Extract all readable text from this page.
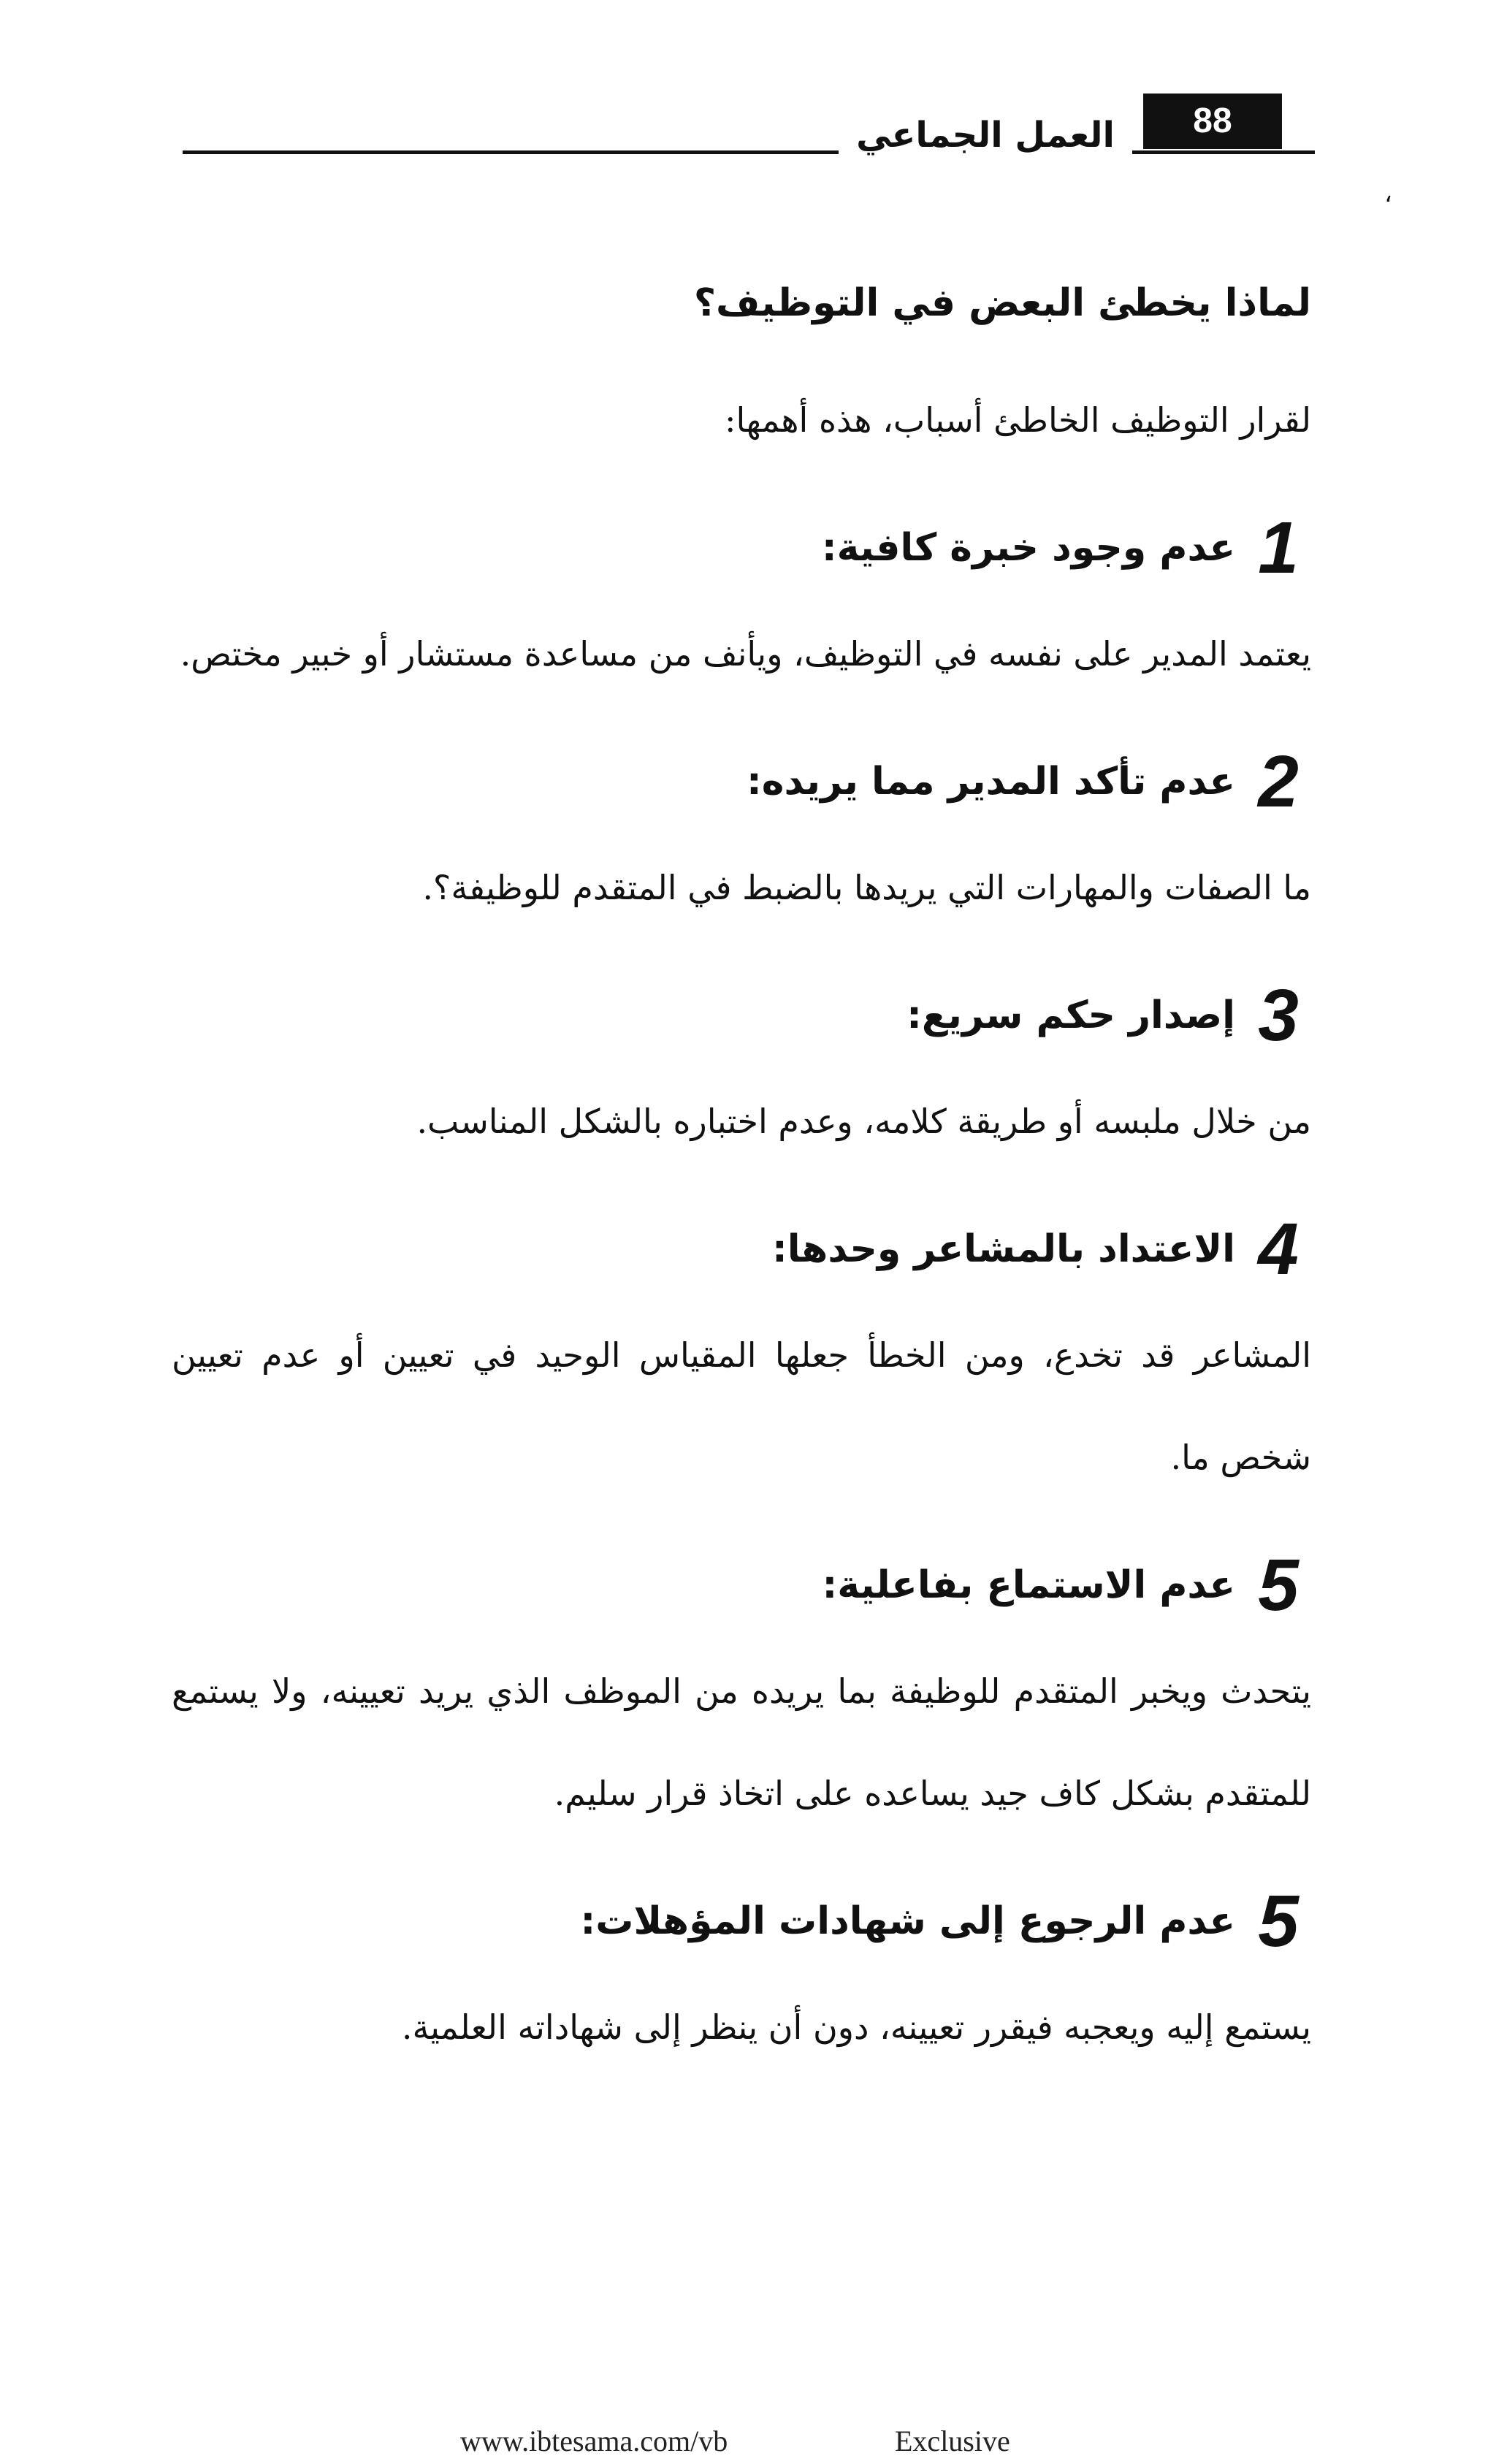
العمل الجماعي	88
،
لماذا يخطئ البعض في التوظيف؟

لقرار التوظيف الخاطئ أسباب، هذه أهمها:

1
عدم وجود خبرة كافية:

يعتمد المدير على نفسه في التوظيف، ويأنف من مساعدة مستشار أو خبير مختص.

2
عدم تأكد المدير مما يريده:

ما الصفات والمهارات التي يريدها بالضبط في المتقدم للوظيفة؟.

3
إصدار حكم سريع:

من خلال ملبسه أو طريقة كلامه، وعدم اختباره بالشكل المناسب.

4
الاعتداد بالمشاعر وحدها:

المشاعر قد تخدع، ومن الخطأ جعلها المقياس الوحيد في تعيين أو عدم تعيين شخص ما.

5
عدم الاستماع بفاعلية:

يتحدث ويخبر المتقدم للوظيفة بما يريده من الموظف الذي يريد تعيينه، ولا يستمع للمتقدم بشكل كاف جيد يساعده على اتخاذ قرار سليم.

5
عدم الرجوع إلى شهادات المؤهلات:

يستمع إليه ويعجبه فيقرر تعيينه، دون أن ينظر إلى شهاداته العلمية.

www.ibtesama.com/vb	Exclusive
